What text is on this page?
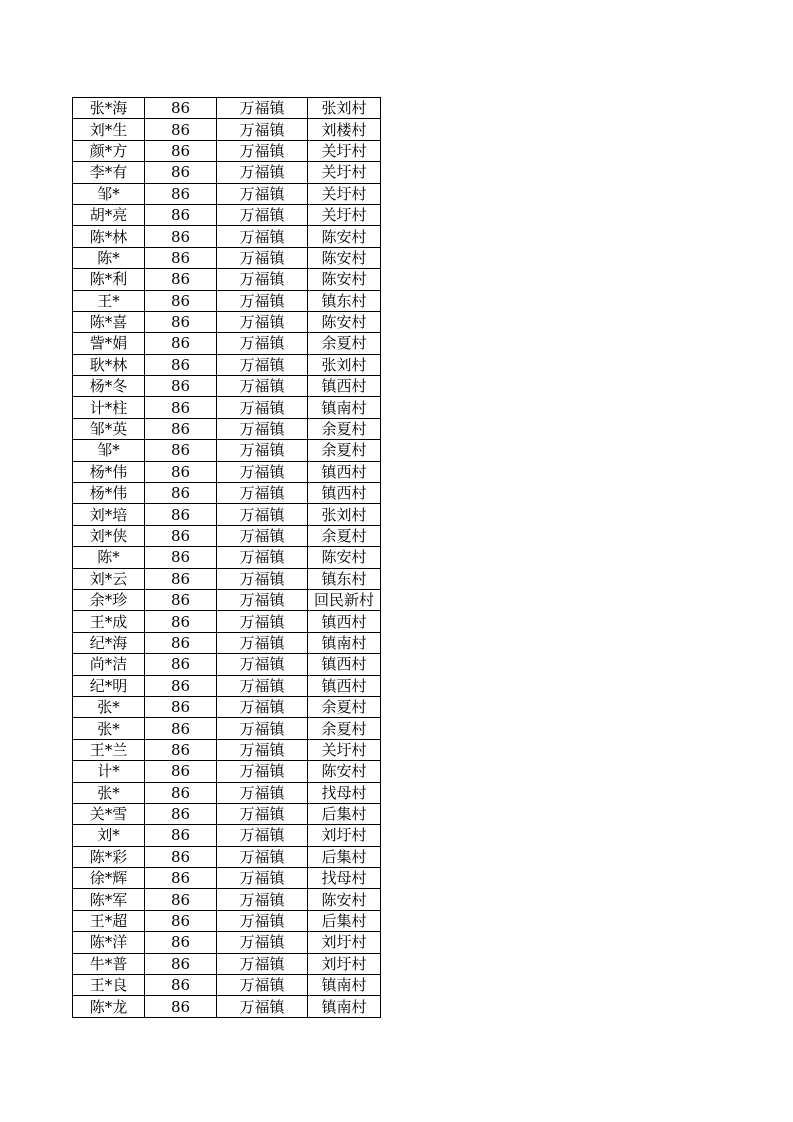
张*海	86	万福镇	张刘村
刘*生	86	万福镇	刘楼村
颜*方	86	万福镇	关圩村
李*有	86	万福镇	关圩村
邹*	86	万福镇	关圩村
胡*亮	86	万福镇	关圩村
陈*林	86	万福镇	陈安村
陈*	86	万福镇	陈安村
陈*利	86	万福镇	陈安村
王*	86	万福镇	镇东村
陈*喜	86	万福镇	陈安村
訾*娟	86	万福镇	余夏村
耿*林	86	万福镇	张刘村
杨*冬	86	万福镇	镇西村
计*柱	86	万福镇	镇南村
邹*英	86	万福镇	余夏村
邹*	86	万福镇	余夏村
杨*伟	86	万福镇	镇西村
杨*伟	86	万福镇	镇西村
刘*培	86	万福镇	张刘村
刘*侠	86	万福镇	余夏村
陈*	86	万福镇	陈安村
刘*云	86	万福镇	镇东村
余*珍	86	万福镇	回民新村
王*成	86	万福镇	镇西村
纪*海	86	万福镇	镇南村
尚*洁	86	万福镇	镇西村
纪*明	86	万福镇	镇西村
张*	86	万福镇	余夏村
张*	86	万福镇	余夏村
王*兰	86	万福镇	关圩村
计*	86	万福镇	陈安村
张*	86	万福镇	找母村
关*雪	86	万福镇	后集村
刘*	86	万福镇	刘圩村
陈*彩	86	万福镇	后集村
徐*辉	86	万福镇	找母村
陈*军	86	万福镇	陈安村
王*超	86	万福镇	后集村
陈*洋	86	万福镇	刘圩村
牛*普	86	万福镇	刘圩村
王*良	86	万福镇	镇南村
陈*龙	86	万福镇	镇南村
